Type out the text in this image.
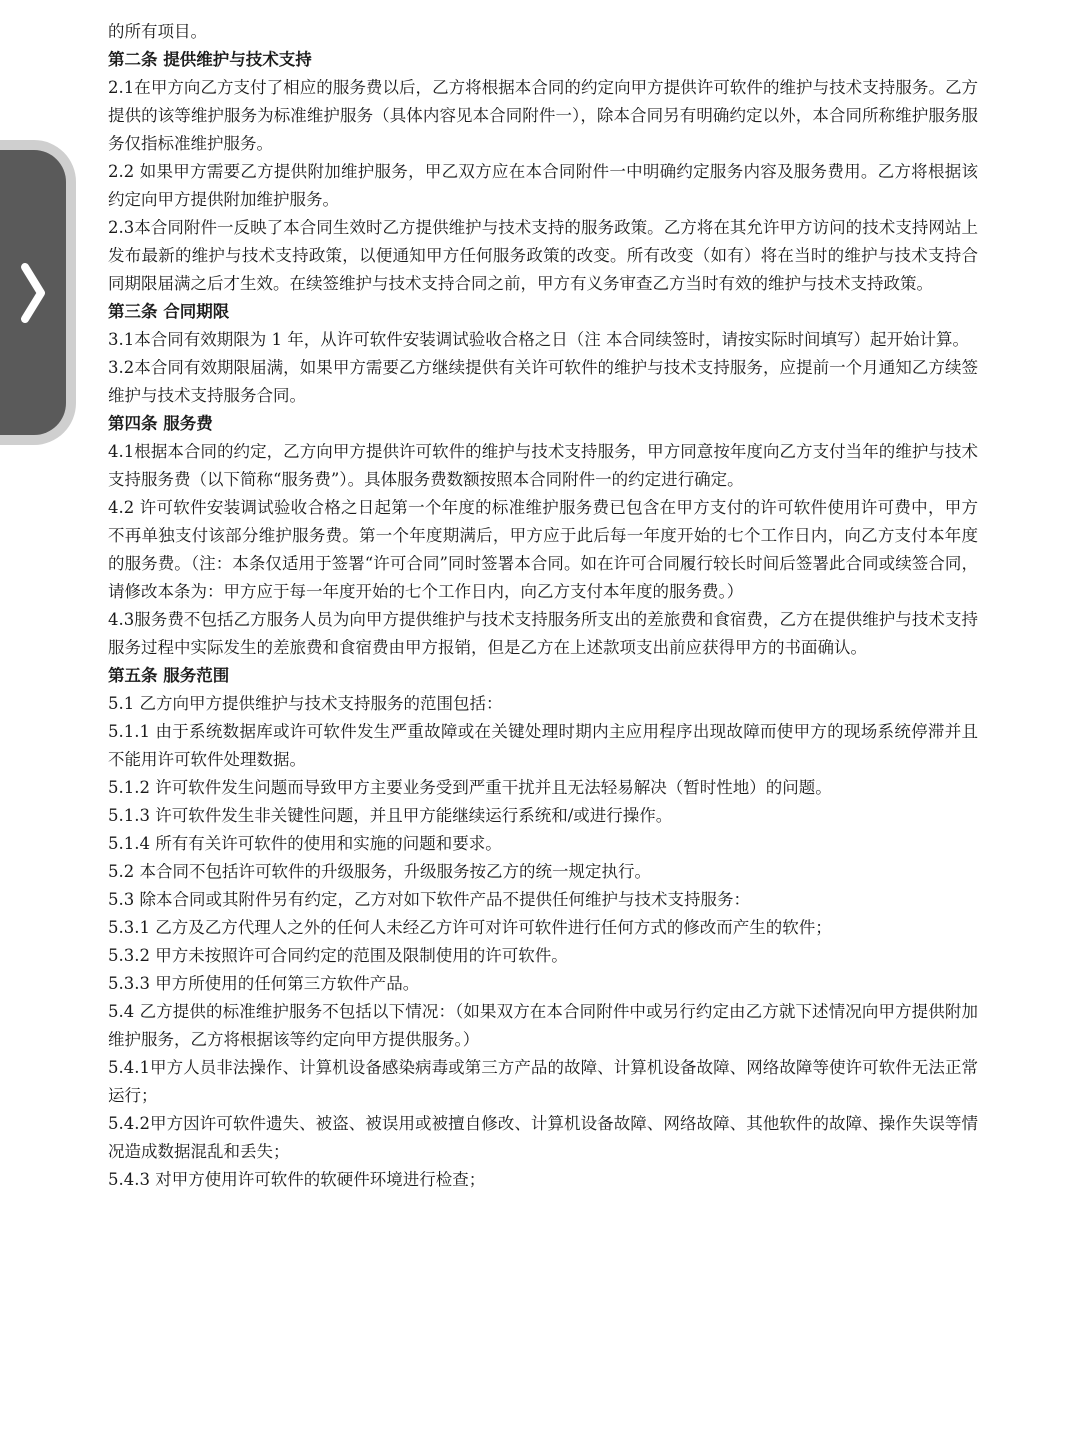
的所有项目。

第二条 提供维护与技术支持

2.1在甲方向乙方支付了相应的服务费以后，乙方将根据本合同的约定向甲方提供许可软件的维护与技术支持服务。乙方提供的该等维护服务为标准维护服务（具体内容见本合同附件一），除本合同另有明确约定以外，本合同所称维护服务服务仅指标准维护服务。

2.2 如果甲方需要乙方提供附加维护服务，甲乙双方应在本合同附件一中明确约定服务内容及服务费用。乙方将根据该约定向甲方提供附加维护服务。

2.3本合同附件一反映了本合同生效时乙方提供维护与技术支持的服务政策。乙方将在其允许甲方访问的技术支持网站上发布最新的维护与技术支持政策，以便通知甲方任何服务政策的改变。所有改变（如有）将在当时的维护与技术支持合同期限届满之后才生效。在续签维护与技术支持合同之前，甲方有义务审查乙方当时有效的维护与技术支持政策。

第三条 合同期限

3.1本合同有效期限为 1 年，从许可软件安装调试验收合格之日（注 本合同续签时，请按实际时间填写）起开始计算。

3.2本合同有效期限届满，如果甲方需要乙方继续提供有关许可软件的维护与技术支持服务，应提前一个月通知乙方续签维护与技术支持服务合同。

第四条 服务费

4.1根据本合同的约定，乙方向甲方提供许可软件的维护与技术支持服务，甲方同意按年度向乙方支付当年的维护与技术支持服务费（以下简称“服务费”）。具体服务费数额按照本合同附件一的约定进行确定。

4.2 许可软件安装调试验收合格之日起第一个年度的标准维护服务费已包含在甲方支付的许可软件使用许可费中，甲方不再单独支付该部分维护服务费。第一个年度期满后，甲方应于此后每一年度开始的七个工作日内，向乙方支付本年度的服务费。（注：本条仅适用于签署“许可合同”同时签署本合同。如在许可合同履行较长时间后签署此合同或续签合同，请修改本条为：甲方应于每一年度开始的七个工作日内，向乙方支付本年度的服务费。）

4.3服务费不包括乙方服务人员为向甲方提供维护与技术支持服务所支出的差旅费和食宿费，乙方在提供维护与技术支持服务过程中实际发生的差旅费和食宿费由甲方报销，但是乙方在上述款项支出前应获得甲方的书面确认。

第五条 服务范围

5.1 乙方向甲方提供维护与技术支持服务的范围包括：

5.1.1 由于系统数据库或许可软件发生严重故障或在关键处理时期内主应用程序出现故障而使甲方的现场系统停滞并且不能用许可软件处理数据。

5.1.2 许可软件发生问题而导致甲方主要业务受到严重干扰并且无法轻易解决（暂时性地）的问题。

5.1.3 许可软件发生非关键性问题，并且甲方能继续运行系统和/或进行操作。

5.1.4 所有有关许可软件的使用和实施的问题和要求。

5.2 本合同不包括许可软件的升级服务，升级服务按乙方的统一规定执行。

5.3 除本合同或其附件另有约定，乙方对如下软件产品不提供任何维护与技术支持服务：

5.3.1 乙方及乙方代理人之外的任何人未经乙方许可对许可软件进行任何方式的修改而产生的软件；

5.3.2 甲方未按照许可合同约定的范围及限制使用的许可软件。

5.3.3 甲方所使用的任何第三方软件产品。

5.4 乙方提供的标准维护服务不包括以下情况：（如果双方在本合同附件中或另行约定由乙方就下述情况向甲方提供附加维护服务，乙方将根据该等约定向甲方提供服务。）

5.4.1甲方人员非法操作、计算机设备感染病毒或第三方产品的故障、计算机设备故障、网络故障等使许可软件无法正常运行；

5.4.2甲方因许可软件遗失、被盗、被误用或被擅自修改、计算机设备故障、网络故障、其他软件的故障、操作失误等情况造成数据混乱和丢失；

5.4.3 对甲方使用许可软件的软硬件环境进行检查；
